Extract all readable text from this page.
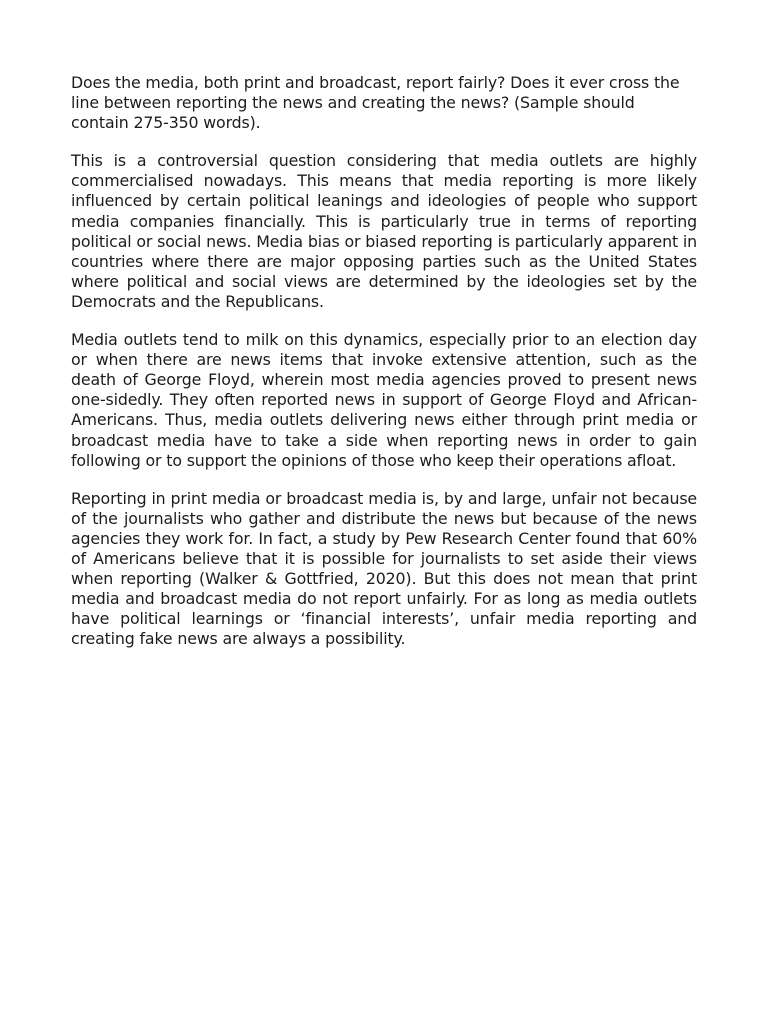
Does the media, both print and broadcast, report fairly? Does it ever cross the line between reporting the news and creating the news? (Sample should contain 275-350 words).

This is a controversial question considering that media outlets are highly commercialised nowadays. This means that media reporting is more likely influenced by certain political leanings and ideologies of people who support media companies financially. This is particularly true in terms of reporting political or social news. Media bias or biased reporting is particularly apparent in countries where there are major opposing parties such as the United States where political and social views are determined by the ideologies set by the Democrats and the Republicans.

Media outlets tend to milk on this dynamics, especially prior to an election day or when there are news items that invoke extensive attention, such as the death of George Floyd, wherein most media agencies proved to present news one-sidedly. They often reported news in support of George Floyd and African-Americans. Thus, media outlets delivering news either through print media or broadcast media have to take a side when reporting news in order to gain following or to support the opinions of those who keep their operations afloat.

Reporting in print media or broadcast media is, by and large, unfair not because of the journalists who gather and distribute the news but because of the news agencies they work for. In fact, a study by Pew Research Center found that 60% of Americans believe that it is possible for journalists to set aside their views when reporting (Walker & Gottfried, 2020). But this does not mean that print media and broadcast media do not report unfairly. For as long as media outlets have political learnings or ‘financial interests’, unfair media reporting and creating fake news are always a possibility.
